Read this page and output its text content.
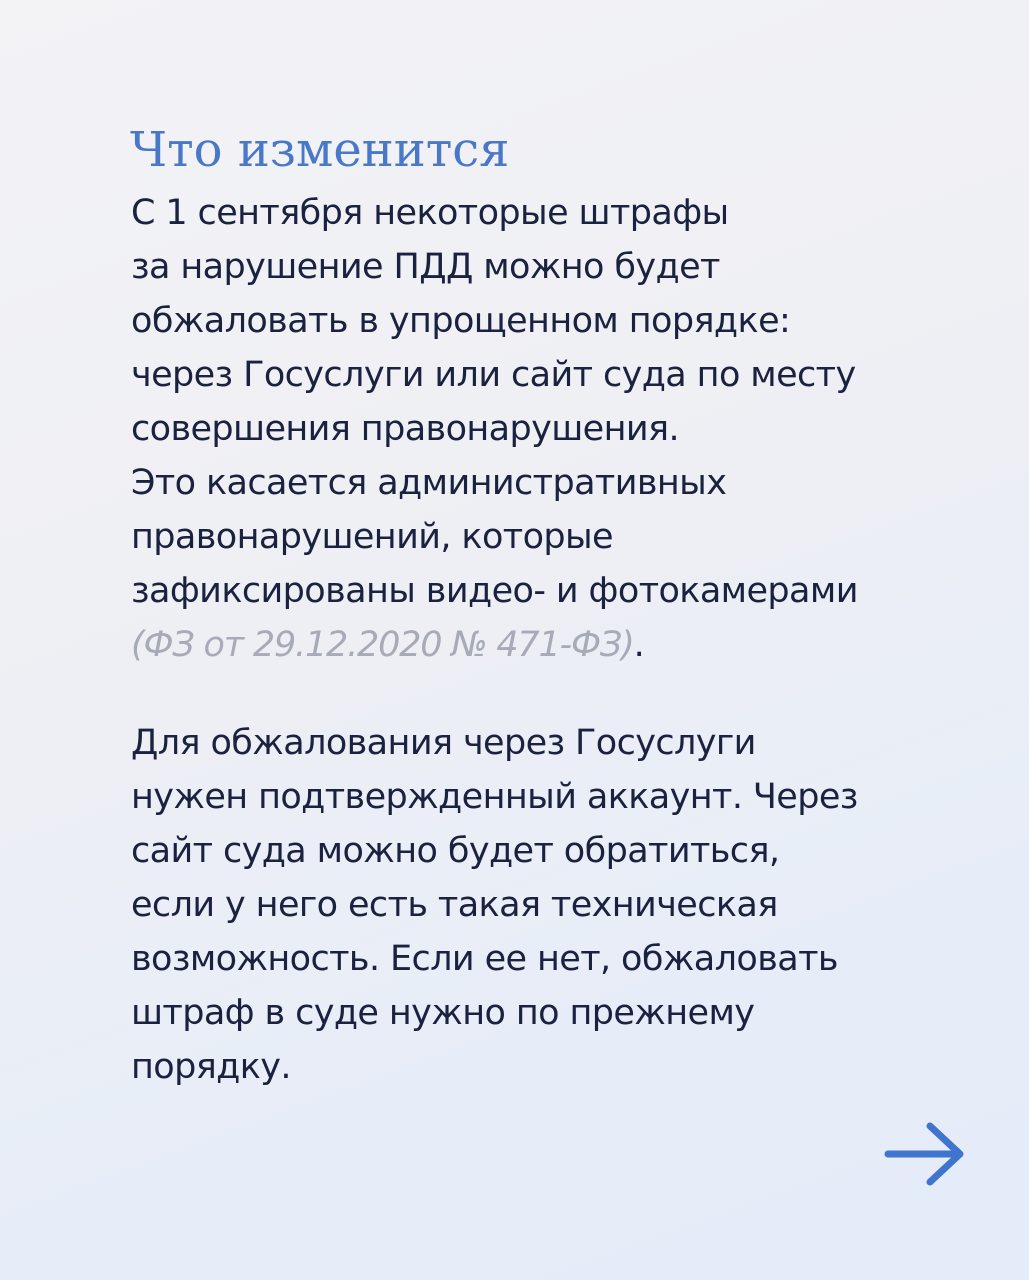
Что изменится
С 1 сентября некоторые штрафы
за нарушение ПДД можно будет
обжаловать в упрощенном порядке:
через Госуслуги или сайт суда по месту
совершения правонарушения.
Это касается административных
правонарушений, которые
зафиксированы видео- и фотокамерами
(ФЗ от 29.12.2020 № 471-ФЗ).
Для обжалования через Госуслуги
нужен подтвержденный аккаунт. Через
сайт суда можно будет обратиться,
если у него есть такая техническая
возможность. Если ее нет, обжаловать
штраф в суде нужно по прежнему
порядку.
